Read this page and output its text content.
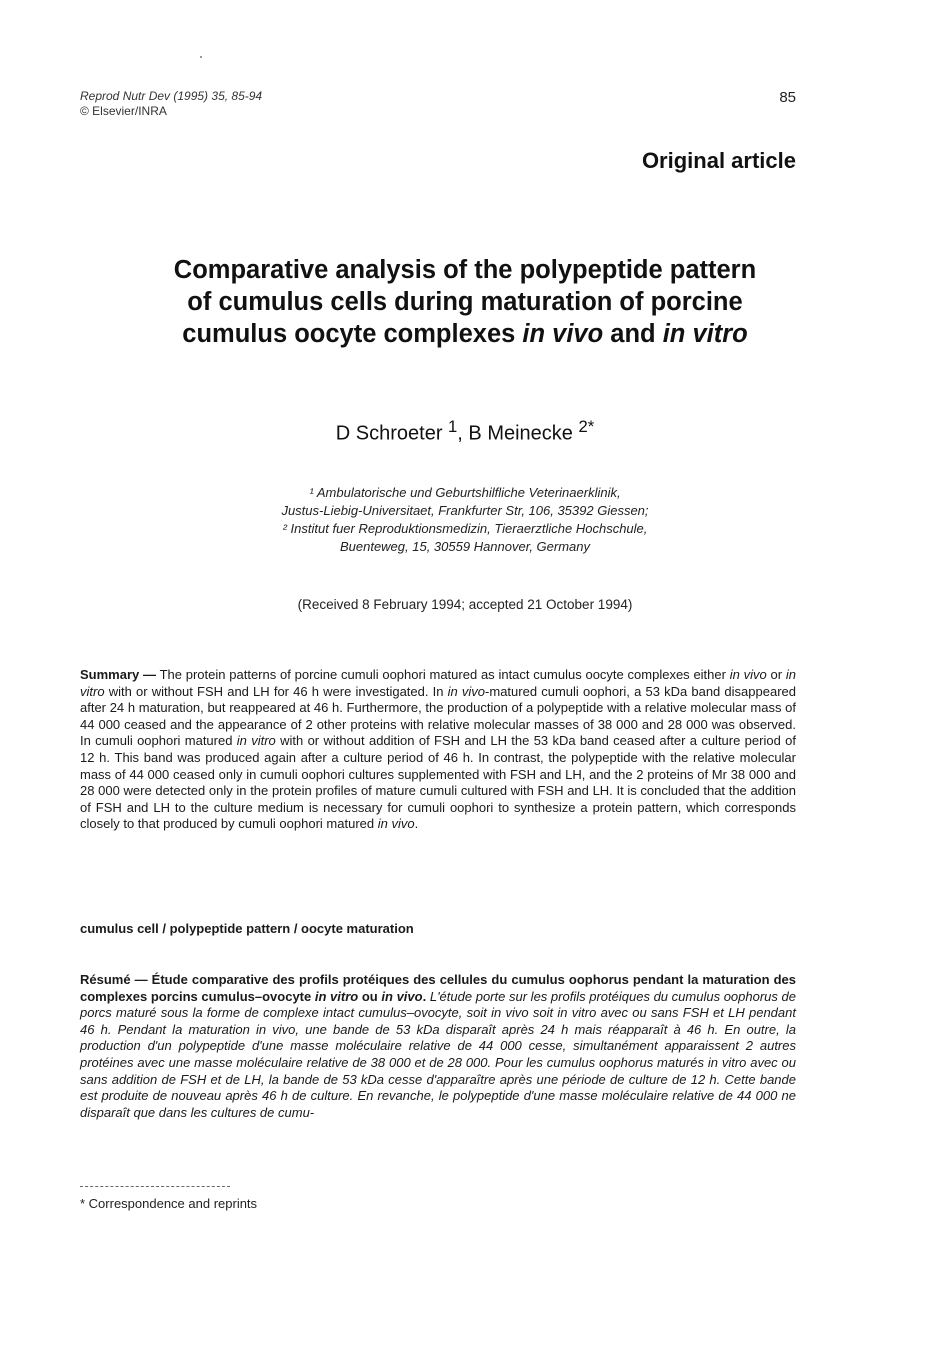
Reprod Nutr Dev (1995) 35, 85-94
© Elsevier/INRA
85
Original article
Comparative analysis of the polypeptide pattern
of cumulus cells during maturation of porcine
cumulus oocyte complexes in vivo and in vitro
D Schroeter $^1$, B Meinecke $^{2*}$
¹ Ambulatorische und Geburtshilfliche Veterinaerklinik,
Justus-Liebig-Universitaet, Frankfurter Str, 106, 35392 Giessen;
² Institut fuer Reproduktionsmedizin, Tieraerztliche Hochschule,
Buenteweg, 15, 30559 Hannover, Germany
(Received 8 February 1994; accepted 21 October 1994)
Summary — The protein patterns of porcine cumuli oophori matured as intact cumulus oocyte complexes either in vivo or in vitro with or without FSH and LH for 46 h were investigated. In in vivo-matured cumuli oophori, a 53 kDa band disappeared after 24 h maturation, but reappeared at 46 h. Furthermore, the production of a polypeptide with a relative molecular mass of 44 000 ceased and the appearance of 2 other proteins with relative molecular masses of 38 000 and 28 000 was observed. In cumuli oophori matured in vitro with or without addition of FSH and LH the 53 kDa band ceased after a culture period of 12 h. This band was produced again after a culture period of 46 h. In contrast, the polypeptide with the relative molecular mass of 44 000 ceased only in cumuli oophori cultures supplemented with FSH and LH, and the 2 proteins of Mr 38 000 and 28 000 were detected only in the protein profiles of mature cumuli cultured with FSH and LH. It is concluded that the addition of FSH and LH to the culture medium is necessary for cumuli oophori to synthesize a protein pattern, which corresponds closely to that produced by cumuli oophori matured in vivo.
cumulus cell / polypeptide pattern / oocyte maturation
Résumé — Étude comparative des profils protéiques des cellules du cumulus oophorus pendant la maturation des complexes porcins cumulus–ovocyte in vitro ou in vivo. L'étude porte sur les profils protéiques du cumulus oophorus de porcs maturé sous la forme de complexe intact cumulus–ovocyte, soit in vivo soit in vitro avec ou sans FSH et LH pendant 46 h. Pendant la maturation in vivo, une bande de 53 kDa disparaît après 24 h mais réapparaît à 46 h. En outre, la production d'un polypeptide d'une masse moléculaire relative de 44 000 cesse, simultanément apparaissent 2 autres protéines avec une masse moléculaire relative de 38 000 et de 28 000. Pour les cumulus oophorus maturés in vitro avec ou sans addition de FSH et de LH, la bande de 53 kDa cesse d'apparaître après une période de culture de 12 h. Cette bande est produite de nouveau après 46 h de culture. En revanche, le polypeptide d'une masse moléculaire relative de 44 000 ne disparaît que dans les cultures de cumu-
* Correspondence and reprints
